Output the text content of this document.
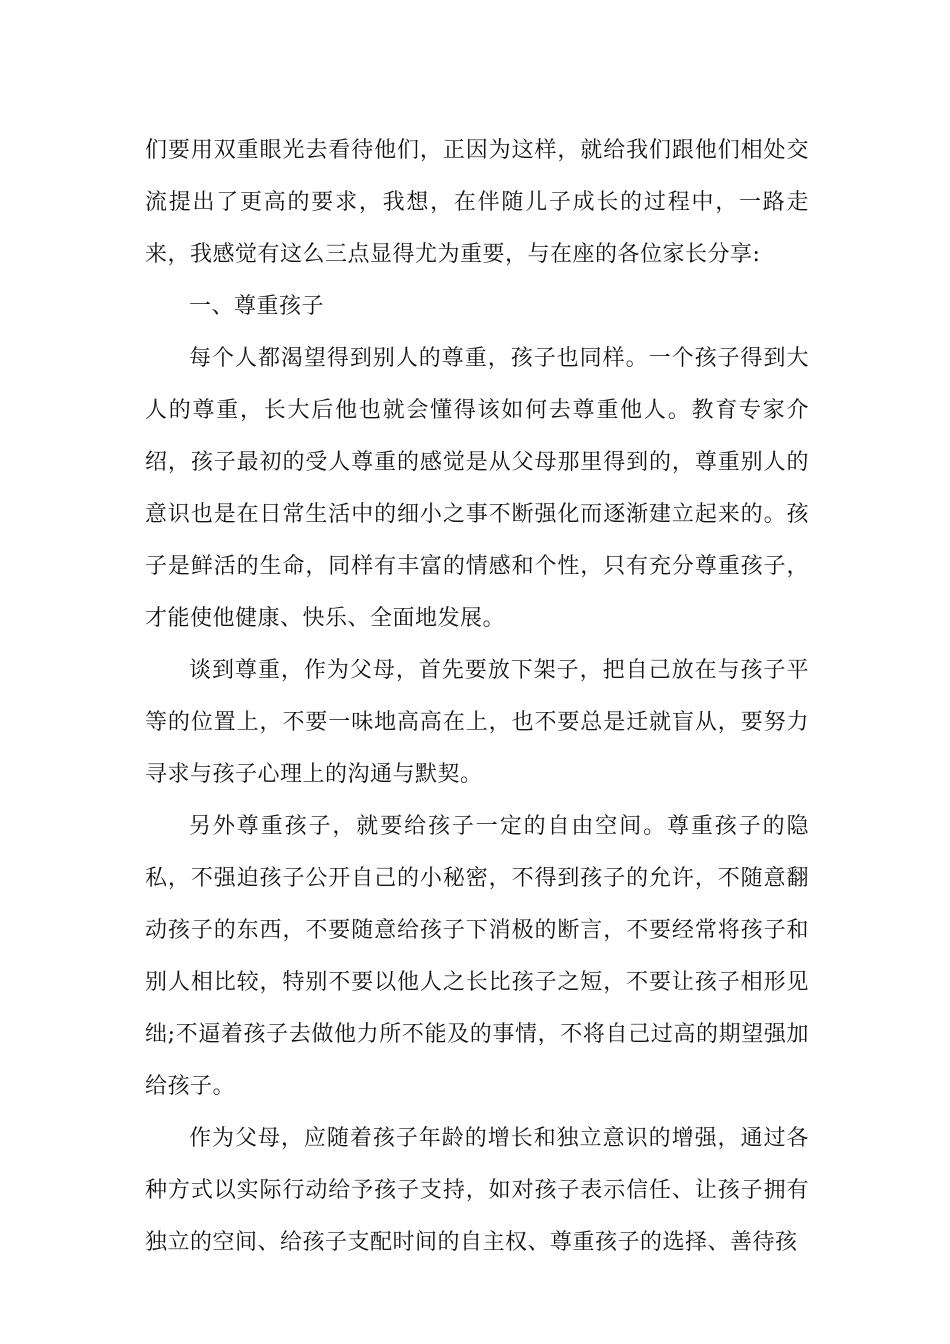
们要用双重眼光去看待他们，正因为这样，就给我们跟他们相处交流提出了更高的要求，我想，在伴随儿子成长的过程中，一路走来，我感觉有这么三点显得尤为重要，与在座的各位家长分享:

一、尊重孩子

每个人都渴望得到别人的尊重，孩子也同样。一个孩子得到大人的尊重，长大后他也就会懂得该如何去尊重他人。教育专家介绍，孩子最初的受人尊重的感觉是从父母那里得到的，尊重别人的意识也是在日常生活中的细小之事不断强化而逐渐建立起来的。孩子是鲜活的生命，同样有丰富的情感和个性，只有充分尊重孩子，才能使他健康、快乐、全面地发展。

谈到尊重，作为父母，首先要放下架子，把自己放在与孩子平等的位置上，不要一味地高高在上，也不要总是迁就盲从，要努力寻求与孩子心理上的沟通与默契。

另外尊重孩子，就要给孩子一定的自由空间。尊重孩子的隐私，不强迫孩子公开自己的小秘密，不得到孩子的允许，不随意翻动孩子的东西，不要随意给孩子下消极的断言，不要经常将孩子和别人相比较，特别不要以他人之长比孩子之短，不要让孩子相形见绌;不逼着孩子去做他力所不能及的事情，不将自己过高的期望强加给孩子。

作为父母，应随着孩子年龄的增长和独立意识的增强，通过各种方式以实际行动给予孩子支持，如对孩子表示信任、让孩子拥有独立的空间、给孩子支配时间的自主权、尊重孩子的选择、善待孩
